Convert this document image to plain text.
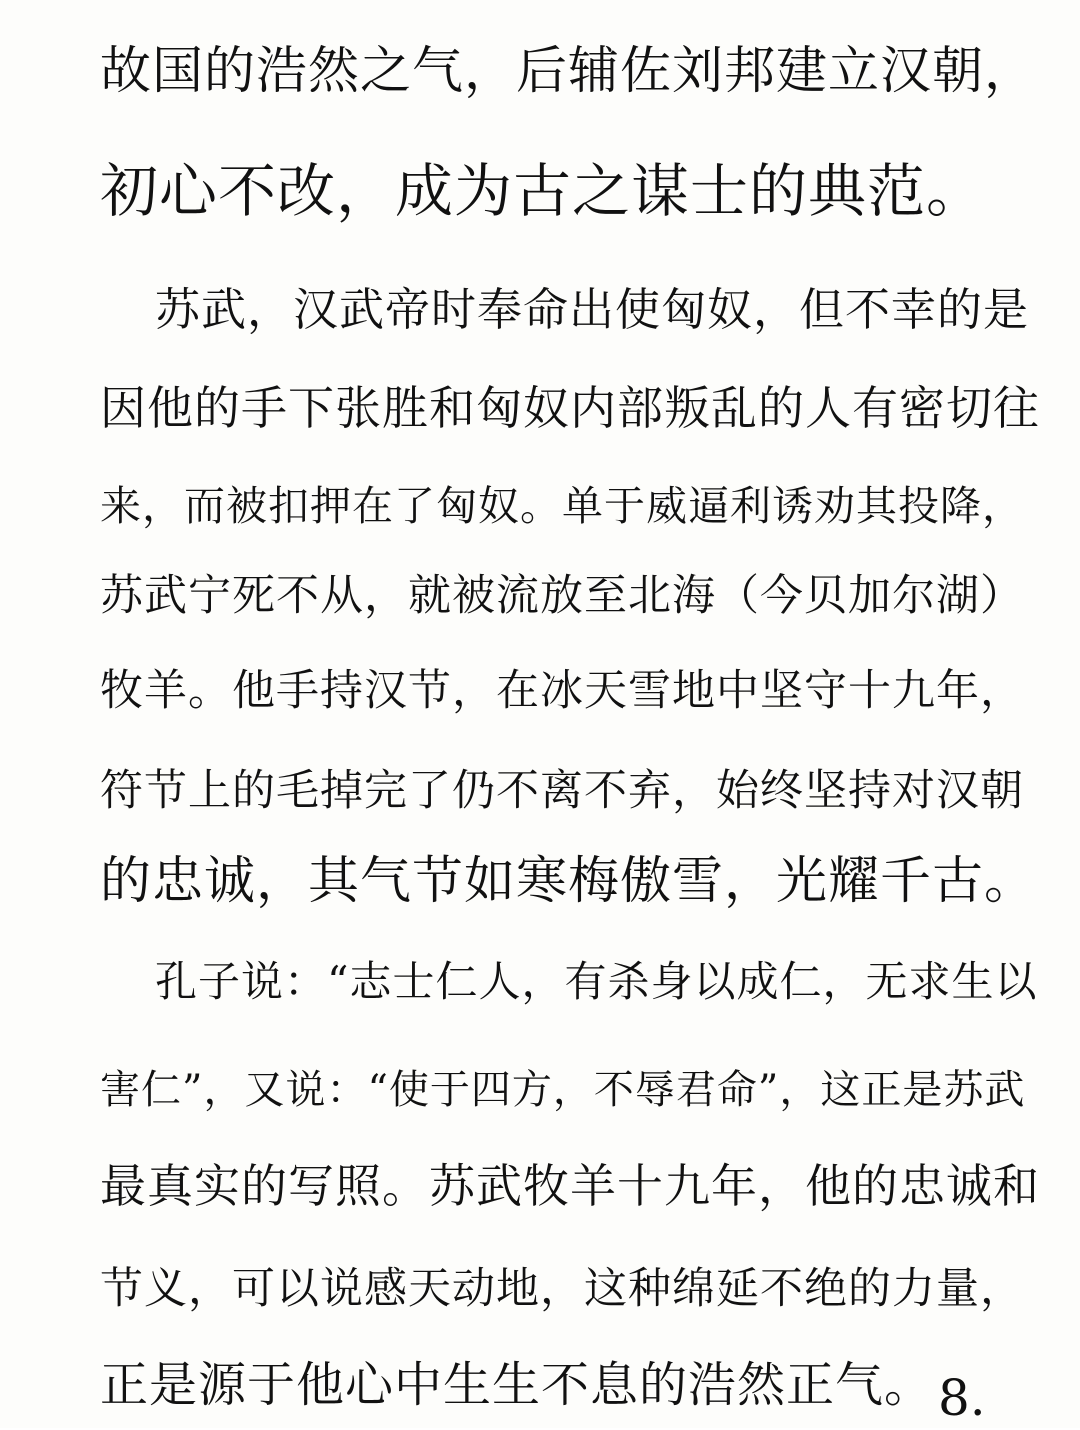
故国的浩然之气，后辅佐刘邦建立汉朝，
初心不改，成为古之谋士的典范。
苏武，汉武帝时奉命出使匈奴，但不幸的是
因他的手下张胜和匈奴内部叛乱的人有密切往
来，而被扣押在了匈奴。单于威逼利诱劝其投降，
苏武宁死不从，就被流放至北海（今贝加尔湖）
牧羊。他手持汉节，在冰天雪地中坚守十九年，
符节上的毛掉完了仍不离不弃，始终坚持对汉朝
的忠诚，其气节如寒梅傲雪，光耀千古。
孔子说：“志士仁人，有杀身以成仁，无求生以
害仁”，又说：“使于四方，不辱君命”，这正是苏武
最真实的写照。苏武牧羊十九年，他的忠诚和
节义，可以说感天动地，这种绵延不绝的力量，
正是源于他心中生生不息的浩然正气。 8.
